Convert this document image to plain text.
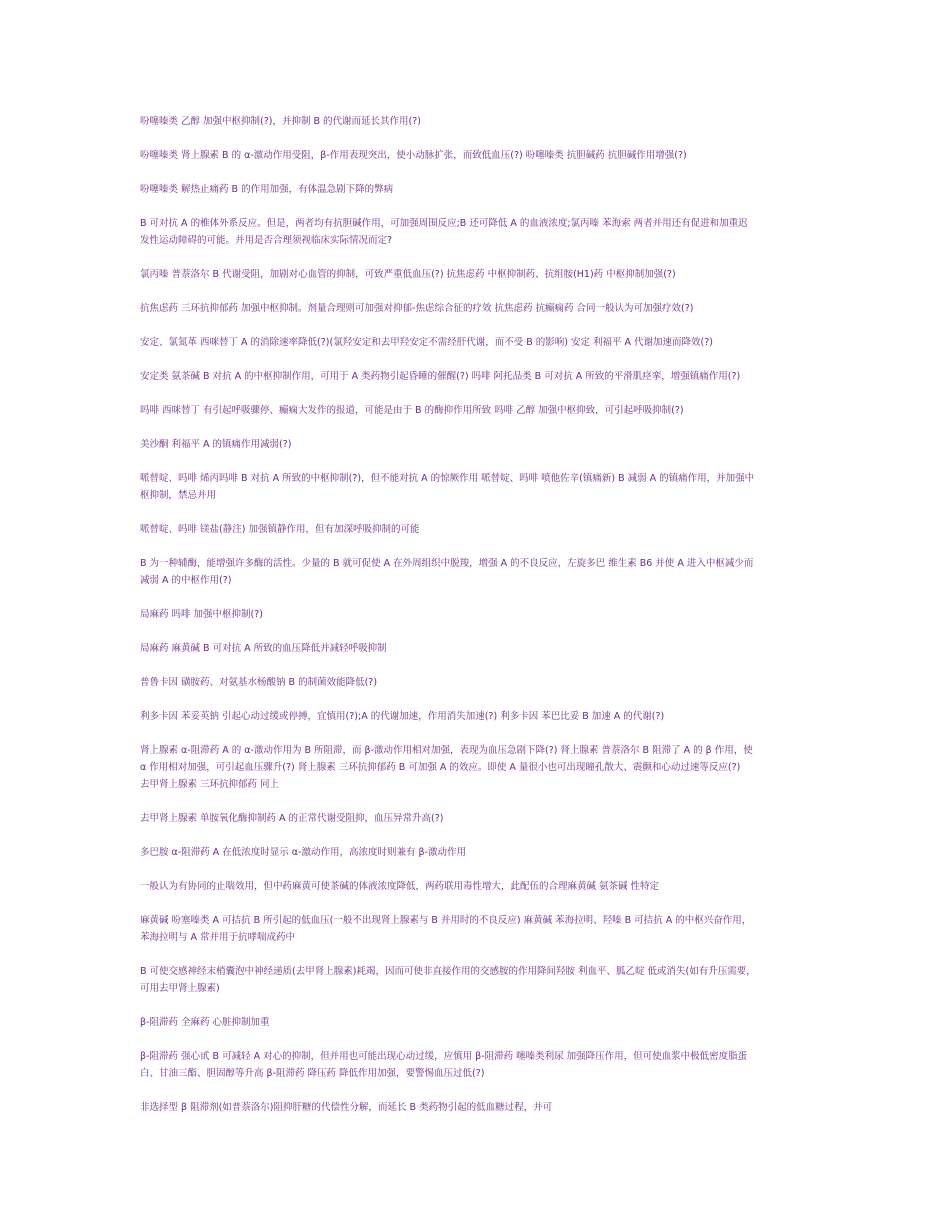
吩噻嗪类 乙醇 加强中枢抑制(?)，并抑制 B 的代谢而延长其作用(?)

吩噻嗪类 肾上腺素 B 的 α-激动作用受阻，β-作用表现突出，使小动脉扩张，而致低血压(?) 吩噻嗪类 抗胆碱药 抗胆碱作用增强(?)

吩噻嗪类 解热止痛药 B 的作用加强，有体温急剧下降的弊病

B 可对抗 A 的椎体外系反应。但是，两者均有抗胆碱作用，可加强周围反应;B 还可降低 A 的血液浓度;氯丙嗪 苯海索 两者并用还有促进和加重迟
发性运动障碍的可能。并用是否合理须视临床实际情况而定?

氯丙嗪 普萘洛尔 B 代谢受阻，加剧对心血管的抑制，可致严重低血压(?) 抗焦虑药 中枢抑制药、抗组胺(H1)药 中枢抑制加强(?)

抗焦虑药 三环抗抑郁药 加强中枢抑制。剂量合理则可加强对抑郁-焦虑综合征的疗效 抗焦虑药 抗癫痫药 合同一般认为可加强疗效(?)

安定、氯氮革 西咪替丁 A 的消除速率降低(?)(氯羟安定和去甲羟安定不需经肝代谢，而不受 B 的影响) 安定 利福平 A 代谢加速而降效(?)

安定类 氨茶碱 B 对抗 A 的中枢抑制作用，可用于 A 类药物引起昏睡的催醒(?) 吗啡 阿托品类 B 可对抗 A 所致的平滑肌痉挛，增强镇痛作用(?)

吗啡 西咪替丁 有引起呼吸骤停、癫痫大发作的报道，可能是由于 B 的酶抑作用所致 吗啡 乙醇 加强中枢抑致，可引起呼吸抑制(?)

美沙酮 利福平 A 的镇痛作用减弱(?)

哌替啶、吗啡 烯丙吗啡 B 对抗 A 所致的中枢抑制(?)，但不能对抗 A 的惊厥作用 哌替啶、吗啡 喷他佐辛(镇痛新) B 减弱 A 的镇痛作用，并加强中
枢抑制，禁忌并用

哌替啶、吗啡 镁盐(静注) 加强镇静作用，但有加深呼吸抑制的可能

B 为一种辅酶，能增强许多酶的活性。少量的 B 就可促使 A 在外周组织中脱羧，增强 A 的不良反应，左旋多巴 维生素 B6 并使 A 进入中枢减少而
减弱 A 的中枢作用(?)

局麻药 吗啡 加强中枢抑制(?)

局麻药 麻黄碱 B 可对抗 A 所致的血压降低并减轻呼吸抑制

普鲁卡因 磺胺药、对氨基水杨酸钠 B 的制菌效能降低(?)

利多卡因 苯妥英钠 引起心动过缓或停搏，宜慎用(?);A 的代谢加速，作用消失加速(?) 利多卡因 苯巴比妥 B 加速 A 的代谢(?)

肾上腺素 α-阻滞药 A 的 α-激动作用为 B 所阻滞，而 β-激动作用相对加强，表现为血压急剧下降(?) 肾上腺素 普萘洛尔 B 阻滞了 A 的 β 作用，使
α 作用相对加强，可引起血压骤升(?) 肾上腺素 三环抗抑郁药 B 可加强 A 的效应。即使 A 量很小也可出现瞳孔散大、震颤和心动过速等反应(?)
去甲肾上腺素 三环抗抑郁药 同上

去甲肾上腺素 单胺氧化酶抑制药 A 的正常代谢受阻抑，血压异常升高(?)

多巴胺 α-阻滞药 A 在低浓度时显示 α-激动作用，高浓度时则兼有 β-激动作用

一般认为有协同的止喘效用，但中药麻黄可使茶碱的体液浓度降低，两药联用毒性增大，此配伍的合理麻黄碱 氨茶碱 性特定

麻黄碱 吩塞嗪类 A 可拮抗 B 所引起的低血压(一般不出现肾上腺素与 B 并用时的不良反应) 麻黄碱 苯海拉明、羟嗪 B 可拮抗 A 的中枢兴奋作用，
苯海拉明与 A 常并用于抗哮喘成药中

B 可使交感神经末梢囊泡中神经递质(去甲肾上腺素)耗竭，因而可使非直接作用的交感胺的作用降间羟胺 利血平、胍乙啶 低或消失(如有升压需要，
可用去甲肾上腺素)

β-阻滞药 全麻药 心脏抑制加重

β-阻滞药 强心甙 B 可减轻 A 对心的抑制，但并用也可能出现心动过缓，应慎用 β-阻滞药 噻嗪类利尿 加强降压作用，但可使血浆中极低密度脂蛋
白、甘油三酯、胆固醇等升高 β-阻滞药 降压药 降低作用加强，要警惕血压过低(?)

非选择型 β 阻滞剂(如普萘洛尔)阻抑肝糖的代偿性分解，而延长 B 类药物引起的低血糖过程，并可
